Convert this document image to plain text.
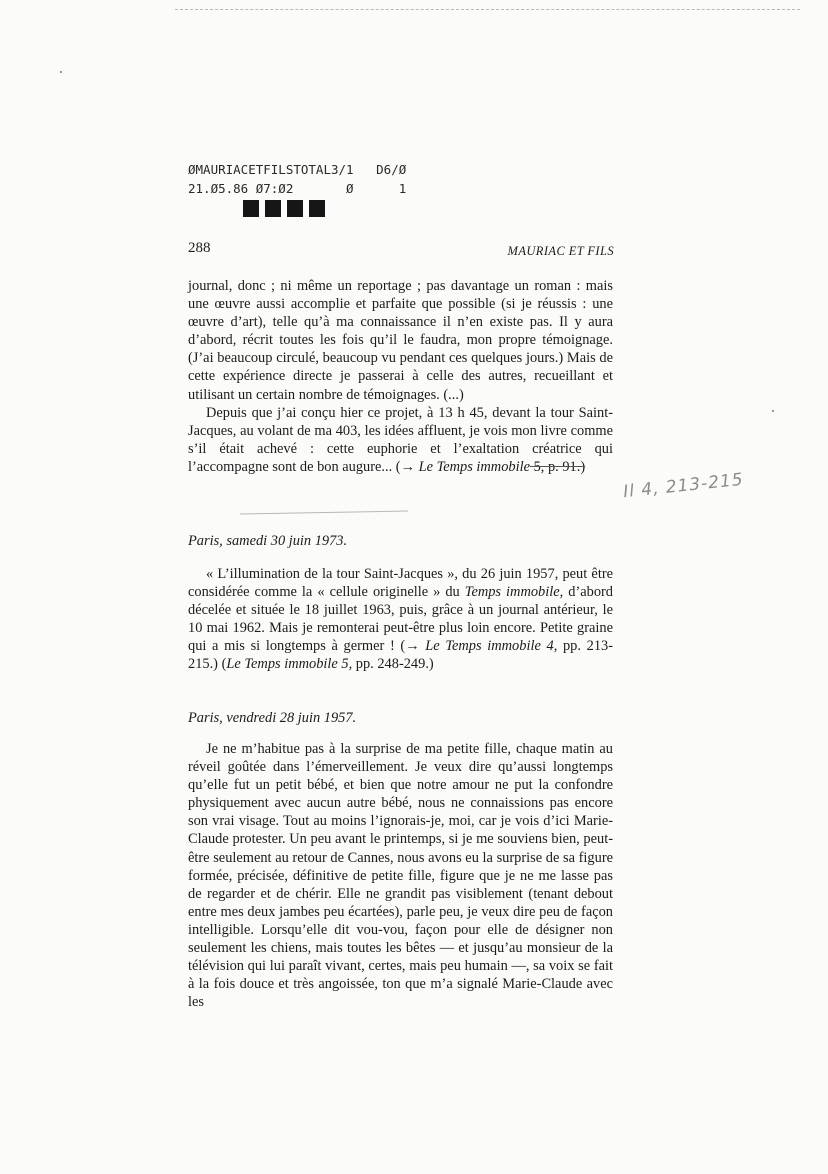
ØMAURIACETFILSTOTAL3/1   D6/Ø
21.Ø5.86 Ø7:Ø2       Ø      1
288	MAURIAC ET FILS

journal, donc ; ni même un reportage ; pas davantage un roman : mais une œuvre aussi accomplie et parfaite que possible (si je réussis : une œuvre d’art), telle qu’à ma connaissance il n’en existe pas. Il y aura d’abord, récrit toutes les fois qu’il le faudra, mon propre témoignage. (J’ai beaucoup circulé, beaucoup vu pendant ces quelques jours.) Mais de cette expérience directe je passerai à celle des autres, recueillant et utilisant un certain nombre de témoignages. (...)

Depuis que j’ai conçu hier ce projet, à 13 h 45, devant la tour Saint-Jacques, au volant de ma 403, les idées affluent, je vois mon livre comme s’il était achevé : cette euphorie et l’exaltation créatrice qui l’accompagne sont de bon augure... (→ Le Temps immobile 5, p. 91.)

Il 4, 213-215
Paris, samedi 30 juin 1973.

« L’illumination de la tour Saint-Jacques », du 26 juin 1957, peut être considérée comme la « cellule originelle » du Temps immobile, d’abord décelée et située le 18 juillet 1963, puis, grâce à un journal antérieur, le 10 mai 1962. Mais je remonterai peut-être plus loin encore. Petite graine qui a mis si longtemps à germer ! (→ Le Temps immobile 4, pp. 213-215.) (Le Temps immobile 5, pp. 248-249.)

Paris, vendredi 28 juin 1957.

Je ne m’habitue pas à la surprise de ma petite fille, chaque matin au réveil goûtée dans l’émerveillement. Je veux dire qu’aussi longtemps qu’elle fut un petit bébé, et bien que notre amour ne put la confondre physiquement avec aucun autre bébé, nous ne connaissions pas encore son vrai visage. Tout au moins l’ignorais-je, moi, car je vois d’ici Marie-Claude protester. Un peu avant le printemps, si je me souviens bien, peut-être seulement au retour de Cannes, nous avons eu la surprise de sa figure formée, précisée, définitive de petite fille, figure que je ne me lasse pas de regarder et de chérir. Elle ne grandit pas visiblement (tenant debout entre mes deux jambes peu écartées), parle peu, je veux dire peu de façon intelligible. Lorsqu’elle dit vou-vou, façon pour elle de désigner non seulement les chiens, mais toutes les bêtes — et jusqu’au monsieur de la télévision qui lui paraît vivant, certes, mais peu humain —, sa voix se fait à la fois douce et très angoissée, ton que m’a signalé Marie-Claude avec les
